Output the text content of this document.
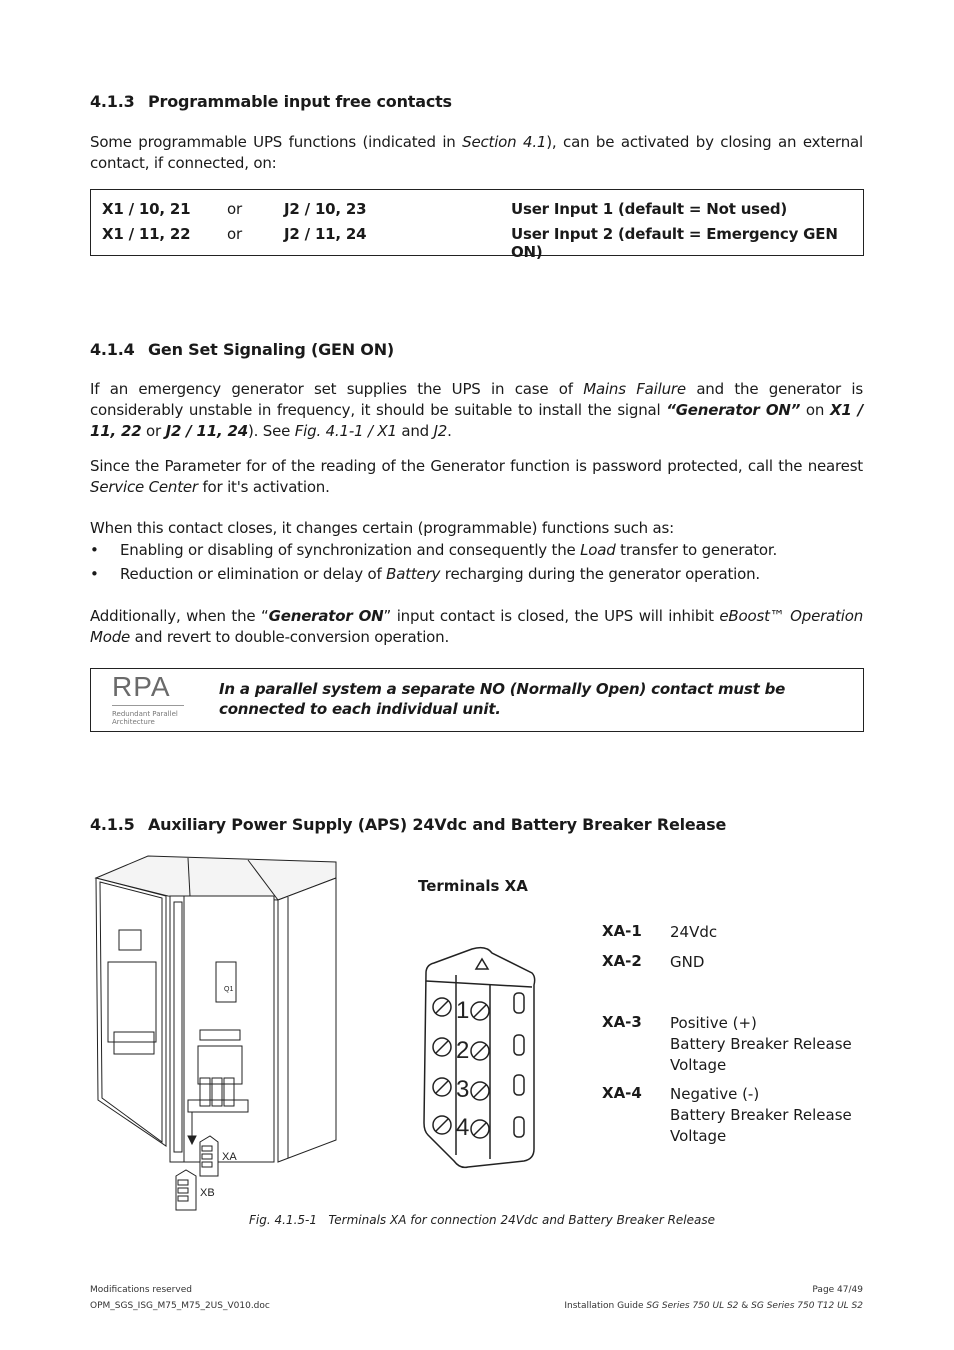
4.1.3 Programmable input free contacts
Some programmable UPS functions (indicated in Section 4.1), can be activated by closing an external contact, if connected, on:
X1 / 10, 21 or	J2 / 10, 23	User Input 1 (default = Not used)
X1 / 11, 22 or	J2 / 11, 24	User Input 2 (default = Emergency GEN ON)
4.1.4 Gen Set Signaling (GEN ON)
If an emergency generator set supplies the UPS in case of Mains Failure and the generator is considerably unstable in frequency, it should be suitable to install the signal “Generator ON” on X1 / 11, 22 or J2 / 11, 24). See Fig. 4.1-1 / X1 and J2.
Since the Parameter for of the reading of the Generator function is password protected, call the nearest Service Center for it's activation.
When this contact closes, it changes certain (programmable) functions such as:
• Enabling or disabling of synchronization and consequently the Load transfer to generator.
• Reduction or elimination or delay of Battery recharging during the generator operation.
Additionally, when the “Generator ON” input contact is closed, the UPS will inhibit eBoost™ Operation Mode and revert to double-conversion operation.
RPA
Redundant Parallel
Architecture
In a parallel system a separate NO (Normally Open) contact must be connected to each individual unit.
4.1.5 Auxiliary Power Supply (APS) 24Vdc and Battery Breaker Release
XA
XB
Q1
Terminals XA
1
2
3
4
XA-1 24Vdc
XA-2 GND
XA-3 Positive (+)
Battery Breaker Release
Voltage
XA-4 Negative (-)
Battery Breaker Release
Voltage
Fig. 4.1.5-1   Terminals XA for connection 24Vdc and Battery Breaker Release
Modifications reserved
OPM_SGS_ISG_M75_M75_2US_V010.doc
Page 47/49
Installation Guide SG Series 750 UL S2 & SG Series 750 T12 UL S2
